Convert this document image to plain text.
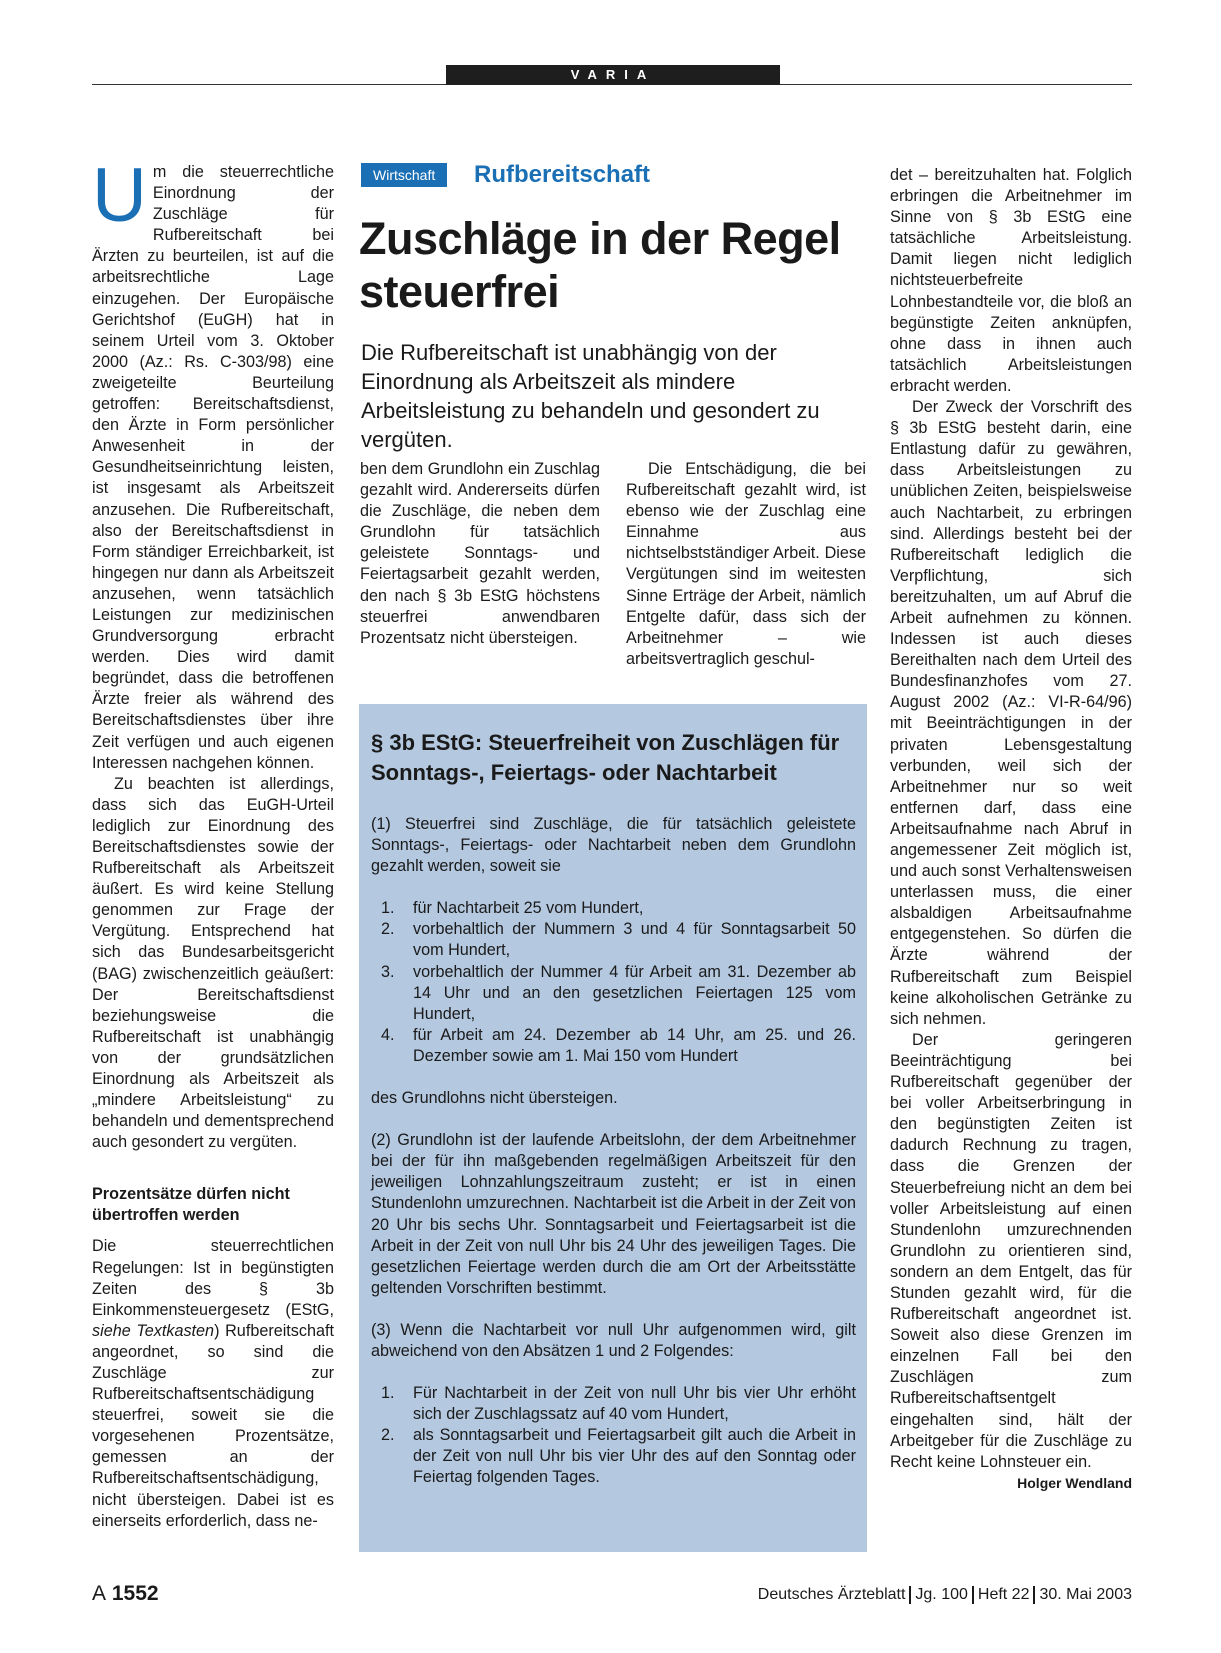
VARIA

Um die steuerrechtliche Einordnung der Zuschläge für Rufbereitschaft bei Ärzten zu beurteilen, ist auf die arbeitsrechtliche Lage einzugehen. Der Europäische Gerichtshof (EuGH) hat in seinem Urteil vom 3. Oktober 2000 (Az.: Rs. C-303/98) eine zweigeteilte Beurteilung getroffen: Bereitschaftsdienst, den Ärzte in Form persönlicher Anwesenheit in der Gesundheitseinrichtung leisten, ist insgesamt als Arbeitszeit anzusehen. Die Rufbereitschaft, also der Bereitschaftsdienst in Form ständiger Erreichbarkeit, ist hingegen nur dann als Arbeitszeit anzusehen, wenn tatsächlich Leistungen zur medizinischen Grundversorgung erbracht werden. Dies wird damit begründet, dass die betroffenen Ärzte freier als während des Bereitschaftsdienstes über ihre Zeit verfügen und auch eigenen Interessen nachgehen können.

Zu beachten ist allerdings, dass sich das EuGH-Urteil lediglich zur Einordnung des Bereitschaftsdienstes sowie der Rufbereitschaft als Arbeitszeit äußert. Es wird keine Stellung genommen zur Frage der Vergütung. Entsprechend hat sich das Bundesarbeitsgericht (BAG) zwischenzeitlich geäußert: Der Bereitschaftsdienst beziehungsweise die Rufbereitschaft ist unabhängig von der grundsätzlichen Einordnung als Arbeitszeit als „mindere Arbeitsleistung“ zu behandeln und dementsprechend auch gesondert zu vergüten.

Prozentsätze dürfen nicht übertroffen werden

Die steuerrechtlichen Regelungen: Ist in begünstigten Zeiten des § 3b Einkommensteuergesetz (EStG, siehe Textkasten) Rufbereitschaft angeordnet, so sind die Zuschläge zur Rufbereitschaftsentschädigung steuerfrei, soweit sie die vorgesehenen Prozentsätze, gemessen an der Rufbereitschaftsentschädigung, nicht übersteigen. Dabei ist es einerseits erforderlich, dass ne-

Wirtschaft	Rufbereitschaft
Zuschläge in der Regel steuerfrei
Die Rufbereitschaft ist unabhängig von der Einordnung als Arbeitszeit als mindere Arbeitsleistung zu behandeln und gesondert zu vergüten.

ben dem Grundlohn ein Zuschlag gezahlt wird. Andererseits dürfen die Zuschläge, die neben dem Grundlohn für tatsächlich geleistete Sonntags- und Feiertagsarbeit gezahlt werden, den nach § 3b EStG höchstens steuerfrei anwendbaren Prozentsatz nicht übersteigen.

Die Entschädigung, die bei Rufbereitschaft gezahlt wird, ist ebenso wie der Zuschlag eine Einnahme aus nichtselbstständiger Arbeit. Diese Vergütungen sind im weitesten Sinne Erträge der Arbeit, nämlich Entgelte dafür, dass sich der Arbeitnehmer – wie arbeitsvertraglich geschul-

§ 3b EStG: Steuerfreiheit von Zuschlägen für Sonntags-, Feiertags- oder Nachtarbeit

(1) Steuerfrei sind Zuschläge, die für tatsächlich geleistete Sonntags-, Feiertags- oder Nachtarbeit neben dem Grundlohn gezahlt werden, soweit sie

1. für Nachtarbeit 25 vom Hundert,
2. vorbehaltlich der Nummern 3 und 4 für Sonntagsarbeit 50 vom Hundert,
3. vorbehaltlich der Nummer 4 für Arbeit am 31. Dezember ab 14 Uhr und an den gesetzlichen Feiertagen 125 vom Hundert,
4. für Arbeit am 24. Dezember ab 14 Uhr, am 25. und 26. Dezember sowie am 1. Mai 150 vom Hundert

des Grundlohns nicht übersteigen.

(2) Grundlohn ist der laufende Arbeitslohn, der dem Arbeitnehmer bei der für ihn maßgebenden regelmäßigen Arbeitszeit für den jeweiligen Lohnzahlungszeitraum zusteht; er ist in einen Stundenlohn umzurechnen. Nachtarbeit ist die Arbeit in der Zeit von 20 Uhr bis sechs Uhr. Sonntagsarbeit und Feiertagsarbeit ist die Arbeit in der Zeit von null Uhr bis 24 Uhr des jeweiligen Tages. Die gesetzlichen Feiertage werden durch die am Ort der Arbeitsstätte geltenden Vorschriften bestimmt.

(3) Wenn die Nachtarbeit vor null Uhr aufgenommen wird, gilt abweichend von den Absätzen 1 und 2 Folgendes:

1. Für Nachtarbeit in der Zeit von null Uhr bis vier Uhr erhöht sich der Zuschlagssatz auf 40 vom Hundert,
2. als Sonntagsarbeit und Feiertagsarbeit gilt auch die Arbeit in der Zeit von null Uhr bis vier Uhr des auf den Sonntag oder Feiertag folgenden Tages.

det – bereitzuhalten hat. Folglich erbringen die Arbeitnehmer im Sinne von § 3b EStG eine tatsächliche Arbeitsleistung. Damit liegen nicht lediglich nichtsteuerbefreite Lohnbestandteile vor, die bloß an begünstigte Zeiten anknüpfen, ohne dass in ihnen auch tatsächlich Arbeitsleistungen erbracht werden.

Der Zweck der Vorschrift des § 3b EStG besteht darin, eine Entlastung dafür zu gewähren, dass Arbeitsleistungen zu unüblichen Zeiten, beispielsweise auch Nachtarbeit, zu erbringen sind. Allerdings besteht bei der Rufbereitschaft lediglich die Verpflichtung, sich bereitzuhalten, um auf Abruf die Arbeit aufnehmen zu können. Indessen ist auch dieses Bereithalten nach dem Urteil des Bundesfinanzhofes vom 27. August 2002 (Az.: VI-R-64/96) mit Beeinträchtigungen in der privaten Lebensgestaltung verbunden, weil sich der Arbeitnehmer nur so weit entfernen darf, dass eine Arbeitsaufnahme nach Abruf in angemessener Zeit möglich ist, und auch sonst Verhaltensweisen unterlassen muss, die einer alsbaldigen Arbeitsaufnahme entgegenstehen. So dürfen die Ärzte während der Rufbereitschaft zum Beispiel keine alkoholischen Getränke zu sich nehmen.

Der geringeren Beeinträchtigung bei Rufbereitschaft gegenüber der bei voller Arbeitserbringung in den begünstigten Zeiten ist dadurch Rechnung zu tragen, dass die Grenzen der Steuerbefreiung nicht an dem bei voller Arbeitsleistung auf einen Stundenlohn umzurechnenden Grundlohn zu orientieren sind, sondern an dem Entgelt, das für Stunden gezahlt wird, für die Rufbereitschaft angeordnet ist. Soweit also diese Grenzen im einzelnen Fall bei den Zuschlägen zum Rufbereitschaftsentgelt eingehalten sind, hält der Arbeitgeber für die Zuschläge zu Recht keine Lohnsteuer ein.
Holger Wendland

A 1552	Deutsches Ärzteblatt Jg. 100 Heft 22 30. Mai 2003
